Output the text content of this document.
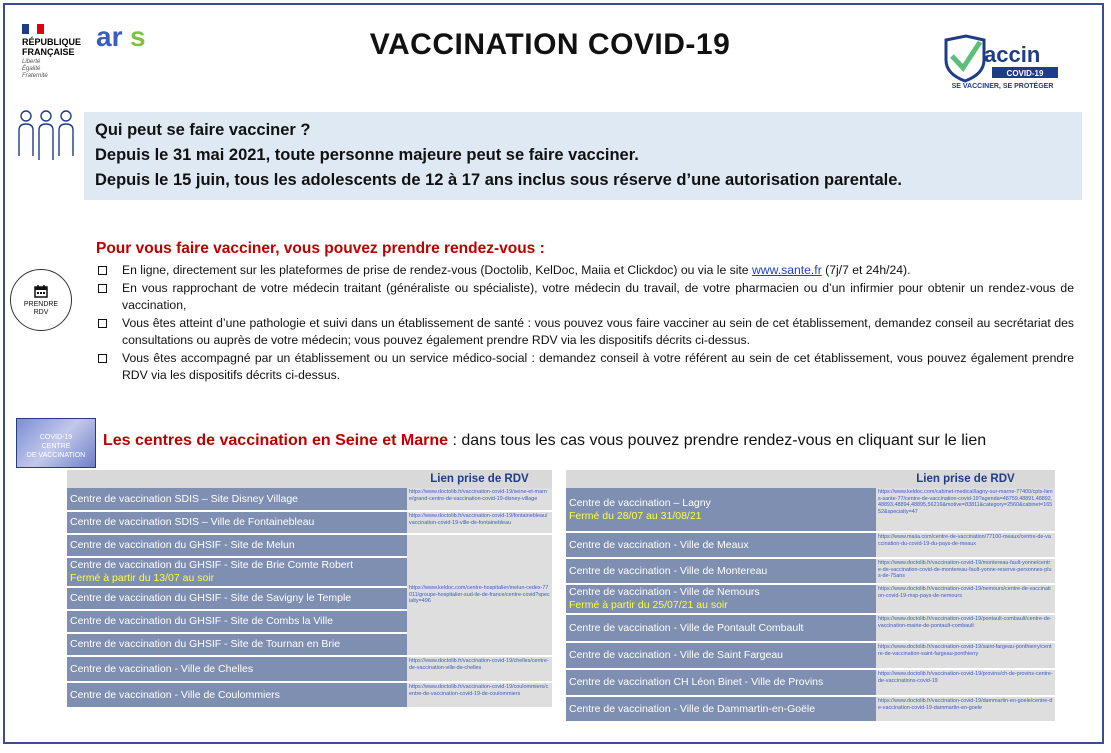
RÉPUBLIQUE
FRANÇAISE
Liberté
Égalité
Fraternité
ar s	VACCINATION COVID-19	accin
COVID-19
SE VACCINER, SE PROTÉGER
Qui peut se faire vacciner ?
Depuis le 31 mai 2021, toute personne majeure peut se faire vacciner.
Depuis le 15 juin, tous les adolescents de 12 à 17 ans inclus sous réserve d’une autorisation parentale.
PRENDRE
RDV
Pour vous faire vacciner, vous pouvez prendre rendez-vous :
En ligne, directement sur les plateformes de prise de rendez-vous (Doctolib, KelDoc, Maiia et Clickdoc) ou via le site www.sante.fr (7j/7 et 24h/24).
En vous rapprochant de votre médecin traitant (généraliste ou spécialiste), votre médecin du travail, de votre pharmacien ou d’un infirmier pour obtenir un rendez-vous de vaccination,
Vous êtes atteint d’une pathologie et suivi dans un établissement de santé : vous pouvez vous faire vacciner au sein de cet établissement, demandez conseil au secrétariat des consultations ou auprès de votre médecin; vous pouvez également prendre RDV via les dispositifs décrits ci-dessus.
Vous êtes accompagné par un établissement ou un service médico-social : demandez conseil à votre référent au sein de cet établissement, vous pouvez également prendre RDV via les dispositifs décrits ci-dessus.
COVID-19
CENTRE
DE VACCINATION
Les centres de vaccination en Seine et Marne : dans tous les cas vous pouvez prendre rendez-vous en cliquant sur le lien
	Lien prise de RDV
Centre de vaccination SDIS – Site Disney Village	https://www.doctolib.fr/vaccination-covid-19/seine-et-marne/grand-centre-de-vaccination-covid-19-disney-village
Centre de vaccination SDIS – Ville de Fontainebleau	https://www.doctolib.fr/vaccination-covid-19/fontainebleau/vaccination-covid-19-ville-de-fontainebleau
Centre de vaccination du GHSIF - Site de Melun	https://www.keldoc.com/centre-hospitalier/melun-cedex-77011/groupe-hospitalier-sud-ile-de-france/centre-covid?specialty=496
Centre de vaccination du GHSIF - Site de Brie Comte Robert
Fermé à partir du 13/07 au soir	

Centre de vaccination du GHSIF - Site de Savigny le Temple	
Centre de vaccination du GHSIF - Site de Combs la Ville	
Centre de vaccination du GHSIF - Site de Tournan en Brie	
Centre de vaccination - Ville de Chelles	https://www.doctolib.fr/vaccination-covid-19/chelles/centre-de-vaccination-ville-de-chelles
Centre de vaccination - Ville de Coulommiers	https://www.doctolib.fr/vaccination-covid-19/coulommiers/centre-de-vaccination-covid-19-de-coulommiers
	Lien prise de RDV
Centre de vaccination – Lagny
Fermé du 28/07 au 31/08/21	https://www.keldoc.com/cabinet-medical/lagny-sur-marne-77400/cpts-liens-sante-77/centre-de-vaccination-covid-19?agenda=48759,48891,48892,48893,48894,48895,56216&motive=83811&category=2560&cabinet=16552&specialty=47
Centre de vaccination - Ville de Meaux	https://www.maiia.com/centre-de-vaccination/77100-meaux/centre-de-vaccination-du-covid-19-du-pays-de-meaux
Centre de vaccination - Ville de Montereau	https://www.doctolib.fr/vaccination-covid-19/montereau-fault-yonne/centre-de-vaccination-covid-de-montereau-fault-yonne-reserve-personnes-plus-de-75ans
Centre de vaccination - Ville de Nemours
Fermé à partir du 25/07/21 au soir	https://www.doctolib.fr/vaccination-covid-19/nemours/centre-de-vaccination-covid-19-msp-pays-de-nemours
Centre de vaccination - Ville de Pontault Combault	https://www.doctolib.fr/vaccination-covid-19/pontault-combault/centre-de-vaccination-mairie-de-pontault-combault
Centre de vaccination - Ville de Saint Fargeau	https://www.doctolib.fr/vaccination-covid-19/saint-fargeau-ponthierry/centre-de-vaccination-saint-fargeau-ponthierry
Centre de vaccination CH Léon Binet - Ville de Provins	https://www.doctolib.fr/vaccination-covid-19/provins/ch-de-provins-centre-de-vaccinations-covid-19
Centre de vaccination - Ville de Dammartin-en-Goële	https://www.doctolib.fr/vaccination-covid-19/dammartin-en-goele/centre-de-vaccination-covid-19-dammartin-en-goele
